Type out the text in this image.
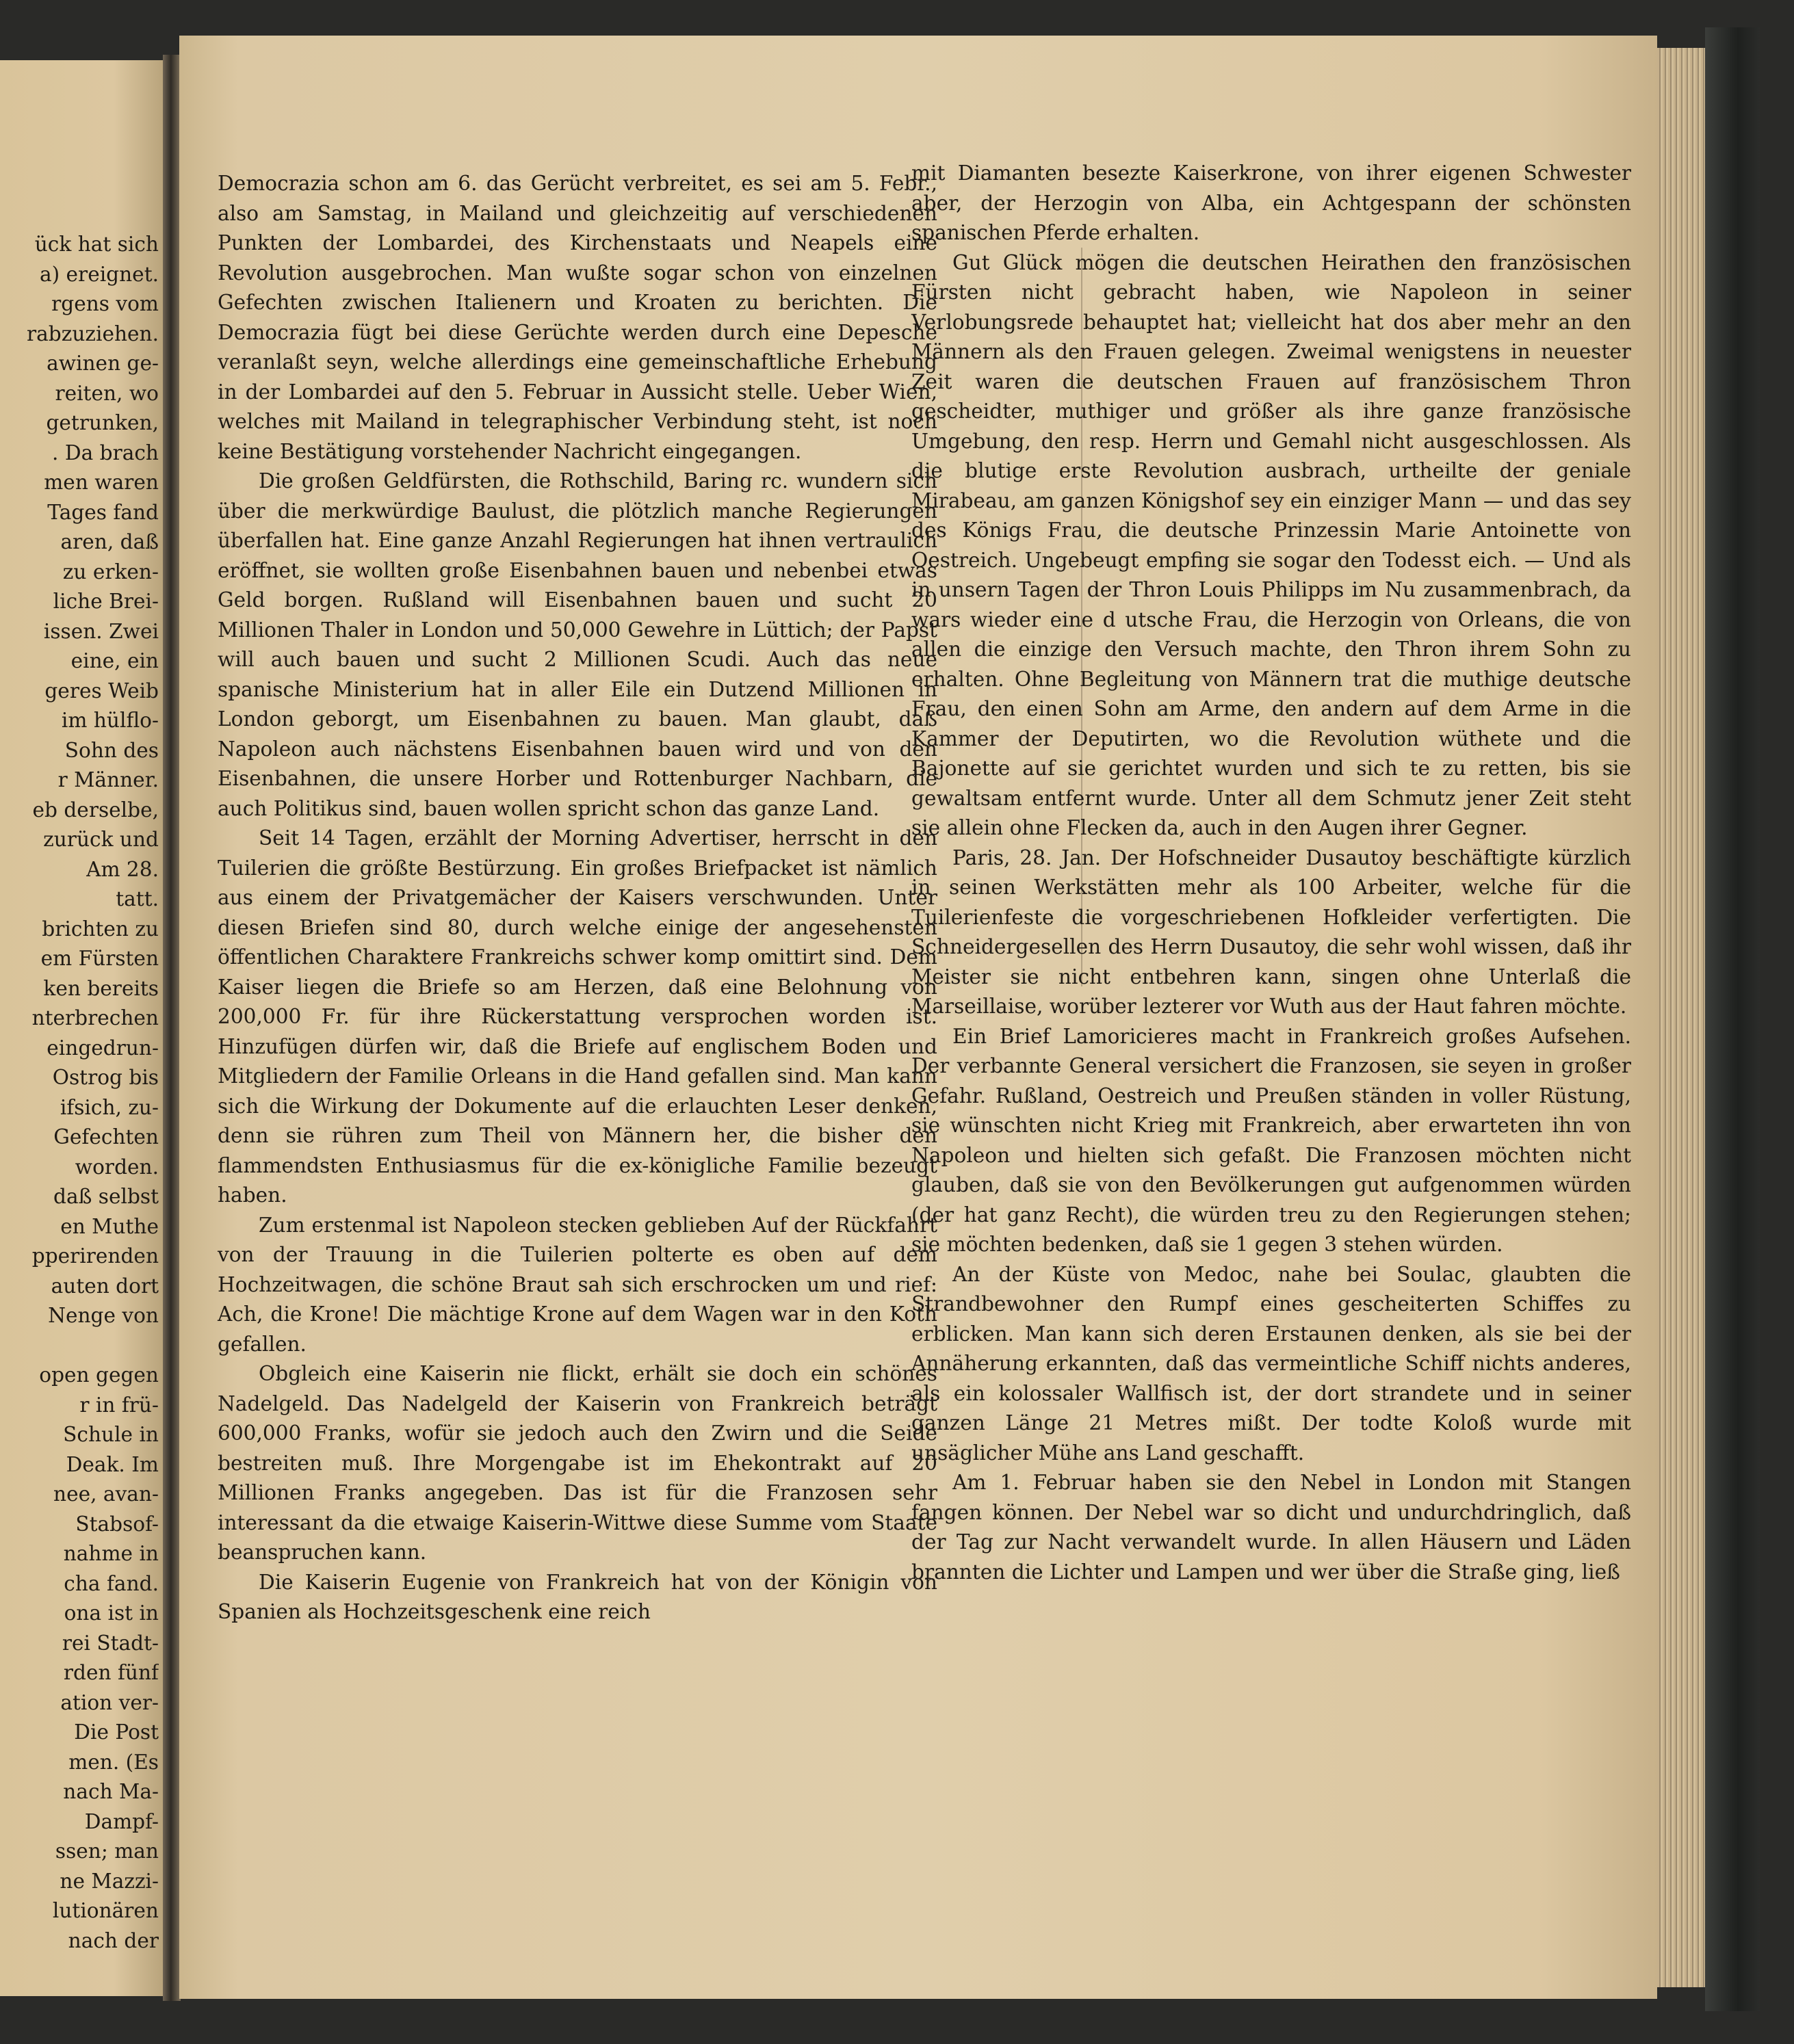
ück hat sich
a) ereignet.
rgens vom
rabzuziehen.
awinen ge-
reiten, wo
getrunken,
. Da brach
men waren
Tages fand
aren, daß
zu erken-
liche Brei-
issen. Zwei
eine, ein
geres Weib
im hülflo-
Sohn des
r Männer.
eb derselbe,
zurück und
Am 28.
tatt.
brichten zu
em Fürsten
ken bereits
nterbrechen
eingedrun-
Ostrog bis
ifsich, zu-
Gefechten
worden.
daß selbst
en Muthe
pperirenden
auten dort
Nenge von
open gegen
r in frü-
Schule in
Deak. Im
nee, avan-
Stabsof-
nahme in
cha fand.
ona ist in
rei Stadt-
rden fünf
ation ver-
Die Post
men. (Es
nach Ma-
Dampf-
ssen; man
ne Mazzi-
lutionären
nach der

Democrazia schon am 6. das Gerücht verbreitet, es sei am 5. Febr., also am Samstag, in Mailand und gleichzeitig auf verschiedenen Punkten der Lombardei, des Kirchenstaats und Neapels eine Revolution ausgebrochen. Man wußte sogar schon von einzelnen Gefechten zwischen Italienern und Kroaten zu berichten. Die Democrazia fügt bei diese Gerüchte werden durch eine Depesche veranlaßt seyn, welche allerdings eine gemeinschaftliche Erhebung in der Lombardei auf den 5. Februar in Aussicht stelle. Ueber Wien, welches mit Mailand in telegraphischer Verbindung steht, ist noch keine Bestätigung vorstehender Nachricht eingegangen.

Die großen Geldfürsten, die Rothschild, Baring rc. wundern sich über die merkwürdige Baulust, die plötzlich manche Regierungen überfallen hat. Eine ganze Anzahl Regierungen hat ihnen vertraulich eröffnet, sie wollten große Eisenbahnen bauen und nebenbei etwas Geld borgen. Rußland will Eisenbahnen bauen und sucht 20 Millionen Thaler in London und 50,000 Gewehre in Lüttich; der Papst will auch bauen und sucht 2 Millionen Scudi. Auch das neue spanische Ministerium hat in aller Eile ein Dutzend Millionen in London geborgt, um Eisenbahnen zu bauen. Man glaubt, daß Napoleon auch nächstens Eisenbahnen bauen wird und von den Eisenbahnen, die unsere Horber und Rottenburger Nachbarn, die auch Politikus sind, bauen wollen spricht schon das ganze Land.

Seit 14 Tagen, erzählt der Morning Advertiser, herrscht in den Tuilerien die größte Bestürzung. Ein großes Briefpacket ist nämlich aus einem der Privatgemächer der Kaisers verschwunden. Unter diesen Briefen sind 80, durch welche einige der angesehensten öffentlichen Charaktere Frankreichs schwer komp omittirt sind. Dem Kaiser liegen die Briefe so am Herzen, daß eine Belohnung von 200,000 Fr. für ihre Rückerstattung versprochen worden ist. Hinzufügen dürfen wir, daß die Briefe auf englischem Boden und Mitgliedern der Familie Orleans in die Hand gefallen sind. Man kann sich die Wirkung der Dokumente auf die erlauchten Leser denken, denn sie rühren zum Theil von Männern her, die bisher den flammendsten Enthusiasmus für die ex-königliche Familie bezeugt haben.

Zum erstenmal ist Napoleon stecken geblieben Auf der Rückfahrt von der Trauung in die Tuilerien polterte es oben auf dem Hochzeitwagen, die schöne Braut sah sich erschrocken um und rief: Ach, die Krone! Die mächtige Krone auf dem Wagen war in den Koth gefallen.

Obgleich eine Kaiserin nie flickt, erhält sie doch ein schönes Nadelgeld. Das Nadelgeld der Kaiserin von Frankreich beträgt 600,000 Franks, wofür sie jedoch auch den Zwirn und die Seide bestreiten muß. Ihre Morgengabe ist im Ehekontrakt auf 20 Millionen Franks angegeben. Das ist für die Franzosen sehr interessant da die etwaige Kaiserin-Wittwe diese Summe vom Staate beanspruchen kann.

Die Kaiserin Eugenie von Frankreich hat von der Königin von Spanien als Hochzeitsgeschenk eine reich

mit Diamanten besezte Kaiserkrone, von ihrer eigenen Schwester aber, der Herzogin von Alba, ein Achtgespann der schönsten spanischen Pferde erhalten.

Gut Glück mögen die deutschen Heirathen den französischen Fürsten nicht gebracht haben, wie Napoleon in seiner Verlobungsrede behauptet hat; vielleicht hat dos aber mehr an den Männern als den Frauen gelegen. Zweimal wenigstens in neuester Zeit waren die deutschen Frauen auf französischem Thron gescheidter, muthiger und größer als ihre ganze französische Umgebung, den resp. Herrn und Gemahl nicht ausgeschlossen. Als die blutige erste Revolution ausbrach, urtheilte der geniale Mirabeau, am ganzen Königshof sey ein einziger Mann — und das sey des Königs Frau, die deutsche Prinzessin Marie Antoinette von Oestreich. Ungebeugt empfing sie sogar den Todesst eich. — Und als in unsern Tagen der Thron Louis Philipps im Nu zusammenbrach, da wars wieder eine d utsche Frau, die Herzogin von Orleans, die von allen die einzige den Versuch machte, den Thron ihrem Sohn zu erhalten. Ohne Begleitung von Männern trat die muthige deutsche Frau, den einen Sohn am Arme, den andern auf dem Arme in die Kammer der Deputirten, wo die Revolution wüthete und die Bajonette auf sie gerichtet wurden und sich te zu retten, bis sie gewaltsam entfernt wurde. Unter all dem Schmutz jener Zeit steht sie allein ohne Flecken da, auch in den Augen ihrer Gegner.

Paris, 28. Jan. Der Hofschneider Dusautoy beschäftigte kürzlich in seinen Werkstätten mehr als 100 Arbeiter, welche für die Tuilerienfeste die vorgeschriebenen Hofkleider verfertigten. Die Schneidergesellen des Herrn Dusautoy, die sehr wohl wissen, daß ihr Meister sie nicht entbehren kann, singen ohne Unterlaß die Marseillaise, worüber lezterer vor Wuth aus der Haut fahren möchte.

Ein Brief Lamoricieres macht in Frankreich großes Aufsehen. Der verbannte General versichert die Franzosen, sie seyen in großer Gefahr. Rußland, Oestreich und Preußen ständen in voller Rüstung, sie wünschten nicht Krieg mit Frankreich, aber erwarteten ihn von Napoleon und hielten sich gefaßt. Die Franzosen möchten nicht glauben, daß sie von den Bevölkerungen gut aufgenommen würden (der hat ganz Recht), die würden treu zu den Regierungen stehen; sie möchten bedenken, daß sie 1 gegen 3 stehen würden.

An der Küste von Medoc, nahe bei Soulac, glaubten die Strandbewohner den Rumpf eines gescheiterten Schiffes zu erblicken. Man kann sich deren Erstaunen denken, als sie bei der Annäherung erkannten, daß das vermeintliche Schiff nichts anderes, als ein kolossaler Wallfisch ist, der dort strandete und in seiner ganzen Länge 21 Metres mißt. Der todte Koloß wurde mit unsäglicher Mühe ans Land geschafft.

Am 1. Februar haben sie den Nebel in London mit Stangen fangen können. Der Nebel war so dicht und undurchdringlich, daß der Tag zur Nacht verwandelt wurde. In allen Häusern und Läden brannten die Lichter und Lampen und wer über die Straße ging, ließ
